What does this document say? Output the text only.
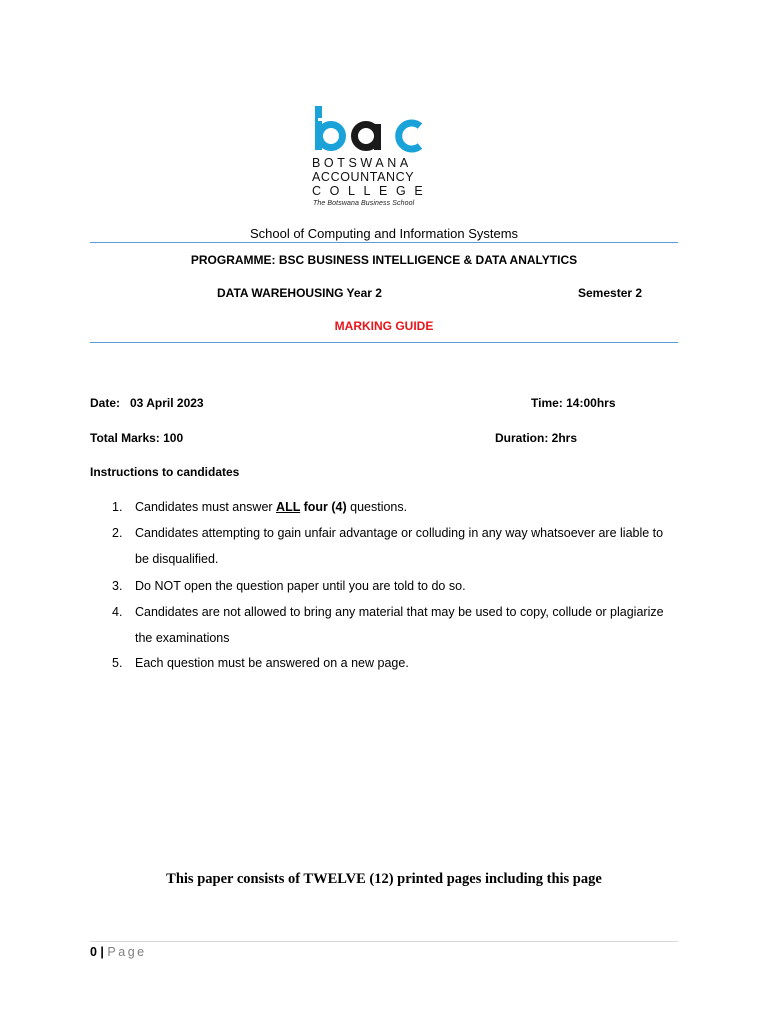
BOTSWANA
ACCOUNTANCY
COLLEGE
The Botswana Business School
School of Computing and Information Systems
PROGRAMME: BSC BUSINESS INTELLIGENCE & DATA ANALYTICS
DATA WAREHOUSING Year 2	Semester 2
MARKING GUIDE
Date:   03 April 2023	Time: 14:00hrs
Total Marks: 100	Duration: 2hrs
Instructions to candidates
1. Candidates must answer ALL four (4) questions.
2. Candidates attempting to gain unfair advantage or colluding in any way whatsoever are liable to be disqualified.
3. Do NOT open the question paper until you are told to do so.
4. Candidates are not allowed to bring any material that may be used to copy, collude or plagiarize the examinations
5. Each question must be answered on a new page.
This paper consists of TWELVE (12) printed pages including this page
0 | Page
